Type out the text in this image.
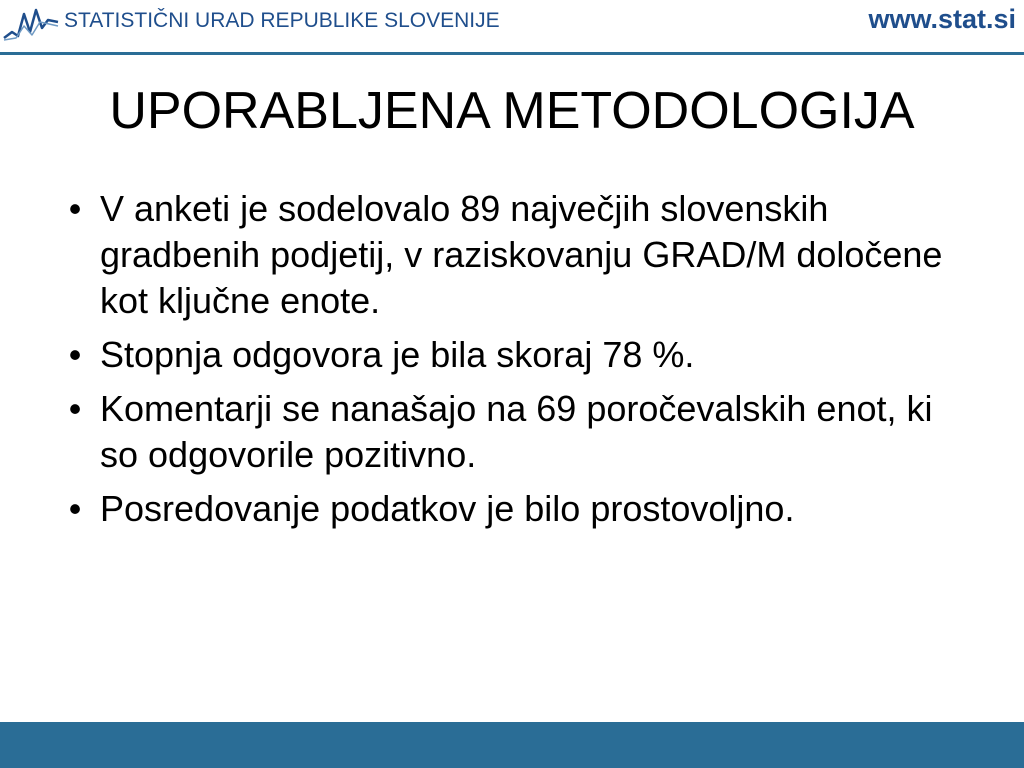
STATISTIČNI URAD REPUBLIKE SLOVENIJE	www.stat.si
UPORABLJENA METODOLOGIJA
• V anketi je sodelovalo 89 največjih slovenskih gradbenih podjetij, v raziskovanju GRAD/M določene kot ključne enote.
• Stopnja odgovora je bila skoraj 78 %.
• Komentarji se nanašajo na 69 poročevalskih enot, ki so odgovorile pozitivno.
• Posredovanje podatkov je bilo prostovoljno.
